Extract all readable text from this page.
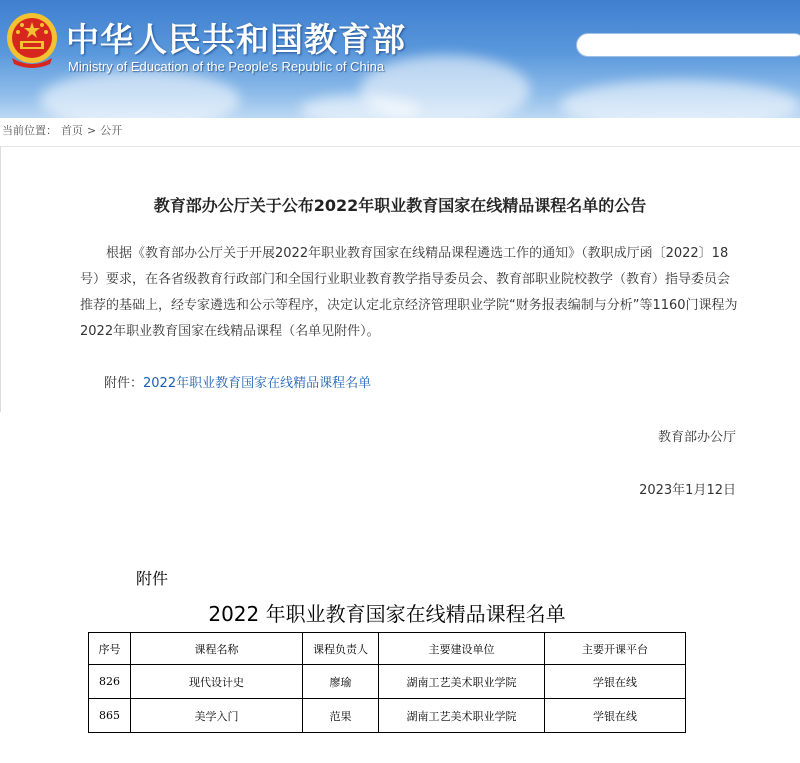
中华人民共和国教育部
Ministry of Education of the People's Republic of China
当前位置： 首页 > 公开
教育部办公厅关于公布2022年职业教育国家在线精品课程名单的公告

根据《教育部办公厅关于开展2022年职业教育国家在线精品课程遴选工作的通知》（教职成厅函〔2022〕18号）要求，在各省级教育行政部门和全国行业职业教育教学指导委员会、教育部职业院校教学（教育）指导委员会推荐的基础上，经专家遴选和公示等程序，决定认定北京经济管理职业学院“财务报表编制与分析”等1160门课程为2022年职业教育国家在线精品课程（名单见附件）。

附件：2022年职业教育国家在线精品课程名单
教育部办公厅
2023年1月12日
附件
2022 年职业教育国家在线精品课程名单
序号	课程名称	课程负责人	主要建设单位	主要开课平台
826	现代设计史	廖瑜	湖南工艺美术职业学院	学银在线
865	美学入门	范果	湖南工艺美术职业学院	学银在线
